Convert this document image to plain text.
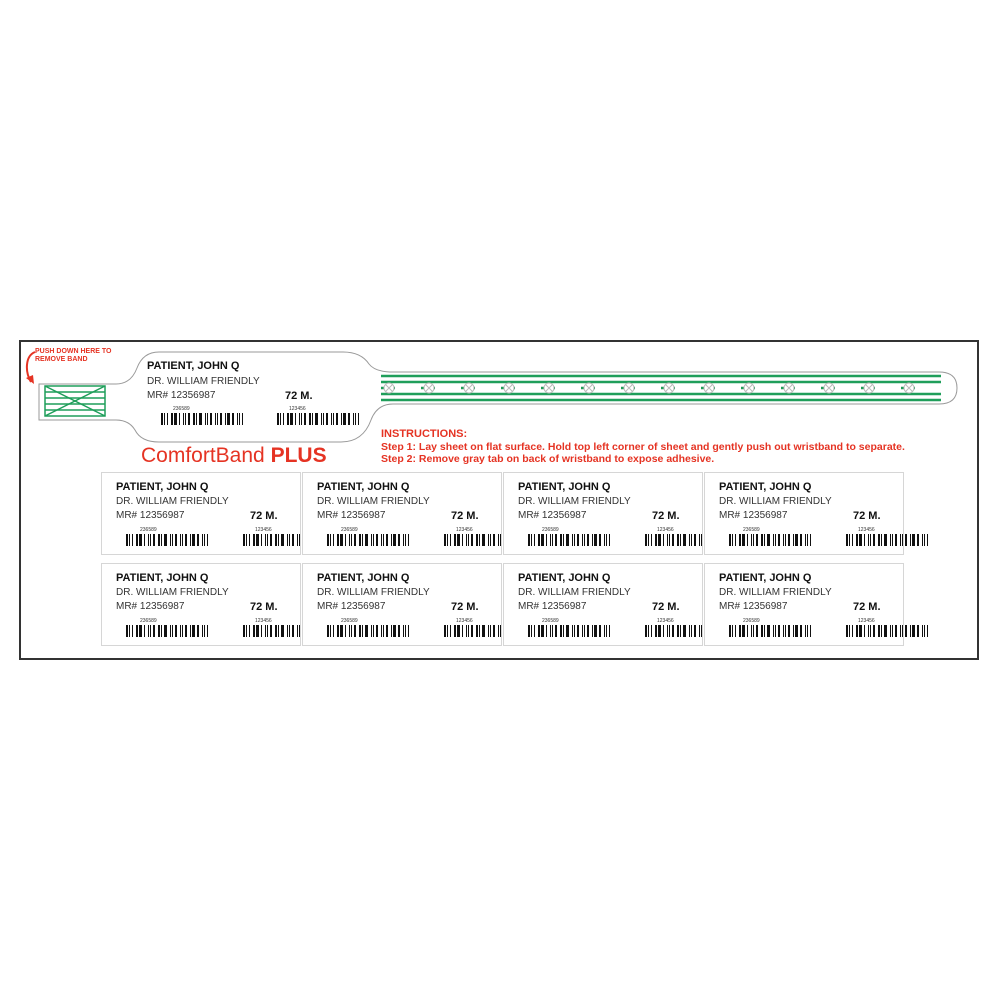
PUSH DOWN HERE TO REMOVE BAND
PATIENT, JOHN Q
DR. WILLIAM FRIENDLY
MR# 12356987	72 M.
236589	123456
ComfortBand PLUS
INSTRUCTIONS:
Step 1: Lay sheet on flat surface. Hold top left corner of sheet and gently push out wristband to separate.
Step 2: Remove gray tab on back of wristband to expose adhesive.
PATIENT, JOHN Q
DR. WILLIAM FRIENDLY
MR# 12356987	72 M.
236589	123456
PATIENT, JOHN Q
DR. WILLIAM FRIENDLY
MR# 12356987	72 M.
236589	123456
PATIENT, JOHN Q
DR. WILLIAM FRIENDLY
MR# 12356987	72 M.
236589	123456
PATIENT, JOHN Q
DR. WILLIAM FRIENDLY
MR# 12356987	72 M.
236589	123456
PATIENT, JOHN Q
DR. WILLIAM FRIENDLY
MR# 12356987	72 M.
236589	123456
PATIENT, JOHN Q
DR. WILLIAM FRIENDLY
MR# 12356987	72 M.
236589	123456
PATIENT, JOHN Q
DR. WILLIAM FRIENDLY
MR# 12356987	72 M.
236589	123456
PATIENT, JOHN Q
DR. WILLIAM FRIENDLY
MR# 12356987	72 M.
236589	123456
